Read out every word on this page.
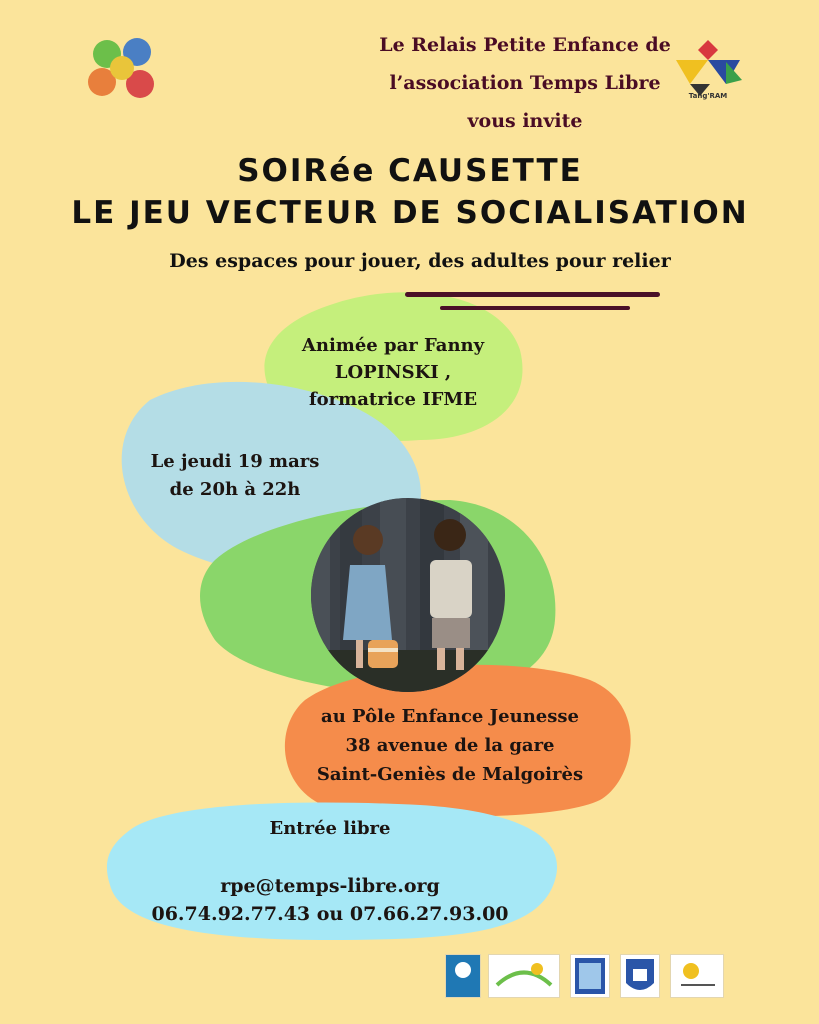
Tang'RAM
Le Relais Petite Enfance de
l’association Temps Libre
vous invite
SOIRée CAUSETTE
LE JEU VECTEUR DE SOCIALISATION
Des espaces pour jouer, des adultes pour relier
Animée par Fanny
LOPINSKI ,
formatrice IFME
Le jeudi 19 mars
de 20h à 22h
au Pôle Enfance Jeunesse
38 avenue de la gare
Saint-Geniès de Malgoirès
Entrée libre
rpe@temps-libre.org
06.74.92.77.43 ou 07.66.27.93.00
